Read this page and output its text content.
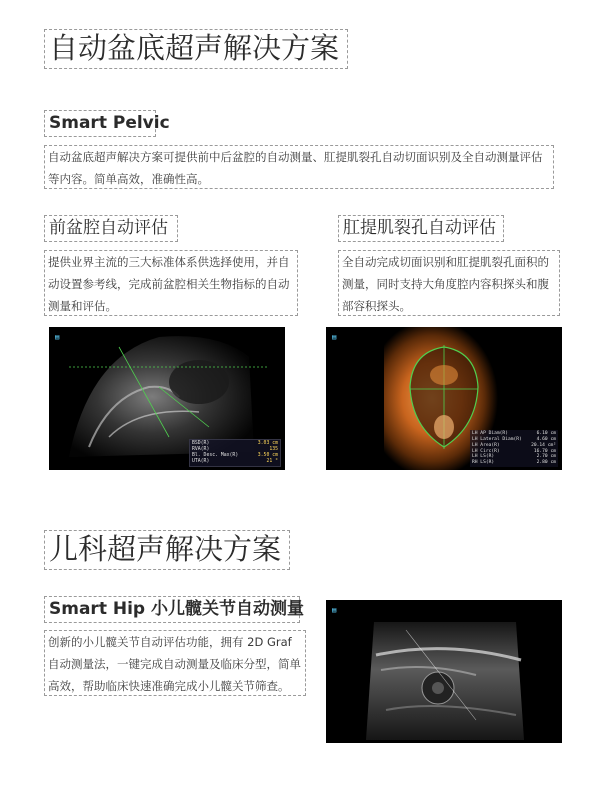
自动盆底超声解决方案
Smart Pelvic
自动盆底超声解决方案可提供前中后盆腔的自动测量、肛提肌裂孔自动切面识别及全自动测量评估等内容。简单高效，准确性高。
前盆腔自动评估
提供业界主流的三大标准体系供选择使用，并自动设置参考线，完成前盆腔相关生物指标的自动测量和评估。
▤
BSD(R)	3.03 cm
RVA(R)	135
Bl. Desc. Max(R)	3.50 cm
UTA(R)	21 °
肛提肌裂孔自动评估
全自动完成切面识别和肛提肌裂孔面积的测量，同时支持大角度腔内容积探头和腹部容积探头。
▤
LH AP Diam(R)	6.10 cm
LH Lateral Diam(R)	4.60 cm
LH Area(R)	20.14 cm²
LH Circ(R)	16.70 cm
LH LS(R)	2.70 cm
RH LS(R)	2.80 cm
儿科超声解决方案
Smart Hip 小儿髋关节自动测量
创新的小儿髋关节自动评估功能，拥有 2D Graf 自动测量法，一键完成自动测量及临床分型，简单高效，帮助临床快速准确完成小儿髋关节筛查。
▤
